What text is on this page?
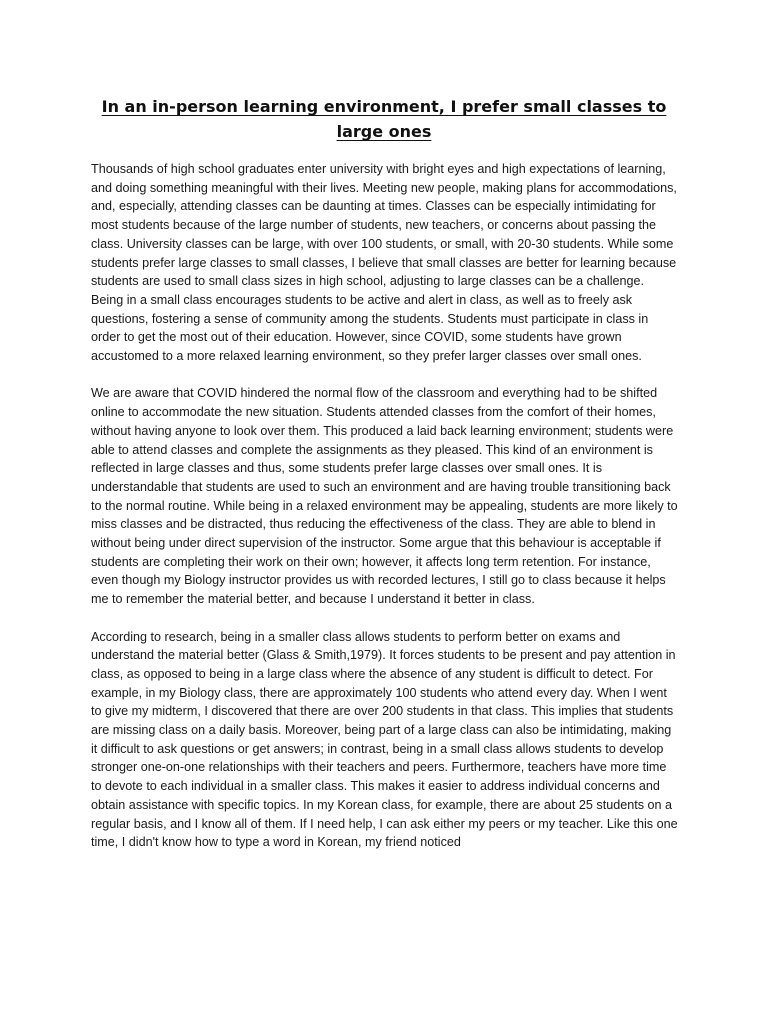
In an in-person learning environment, I prefer small classes to large ones

Thousands of high school graduates enter university with bright eyes and high expectations of learning, and doing something meaningful with their lives. Meeting new people, making plans for accommodations, and, especially, attending classes can be daunting at times. Classes can be especially intimidating for most students because of the large number of students, new teachers, or concerns about passing the class. University classes can be large, with over 100 students, or small, with 20-30 students. While some students prefer large classes to small classes, I believe that small classes are better for learning because students are used to small class sizes in high school, adjusting to large classes can be a challenge. Being in a small class encourages students to be active and alert in class, as well as to freely ask questions, fostering a sense of community among the students. Students must participate in class in order to get the most out of their education. However, since COVID, some students have grown accustomed to a more relaxed learning environment, so they prefer larger classes over small ones.

We are aware that COVID hindered the normal flow of the classroom and everything had to be shifted online to accommodate the new situation. Students attended classes from the comfort of their homes, without having anyone to look over them. This produced a laid back learning environment; students were able to attend classes and complete the assignments as they pleased. This kind of an environment is reflected in large classes and thus, some students prefer large classes over small ones. It is understandable that students are used to such an environment and are having trouble transitioning back to the normal routine. While being in a relaxed environment may be appealing, students are more likely to miss classes and be distracted, thus reducing the effectiveness of the class. They are able to blend in without being under direct supervision of the instructor. Some argue that this behaviour is acceptable if students are completing their work on their own; however, it affects long term retention. For instance, even though my Biology instructor provides us with recorded lectures, I still go to class because it helps me to remember the material better, and because I understand it better in class.

According to research, being in a smaller class allows students to perform better on exams and understand the material better (Glass & Smith,1979). It forces students to be present and pay attention in class, as opposed to being in a large class where the absence of any student is difficult to detect. For example, in my Biology class, there are approximately 100 students who attend every day. When I went to give my midterm, I discovered that there are over 200 students in that class. This implies that students are missing class on a daily basis. Moreover, being part of a large class can also be intimidating, making it difficult to ask questions or get answers; in contrast, being in a small class allows students to develop stronger one-on-one relationships with their teachers and peers. Furthermore, teachers have more time to devote to each individual in a smaller class. This makes it easier to address individual concerns and obtain assistance with specific topics. In my Korean class, for example, there are about 25 students on a regular basis, and I know all of them. If I need help, I can ask either my peers or my teacher. Like this one time, I didn't know how to type a word in Korean, my friend noticed
